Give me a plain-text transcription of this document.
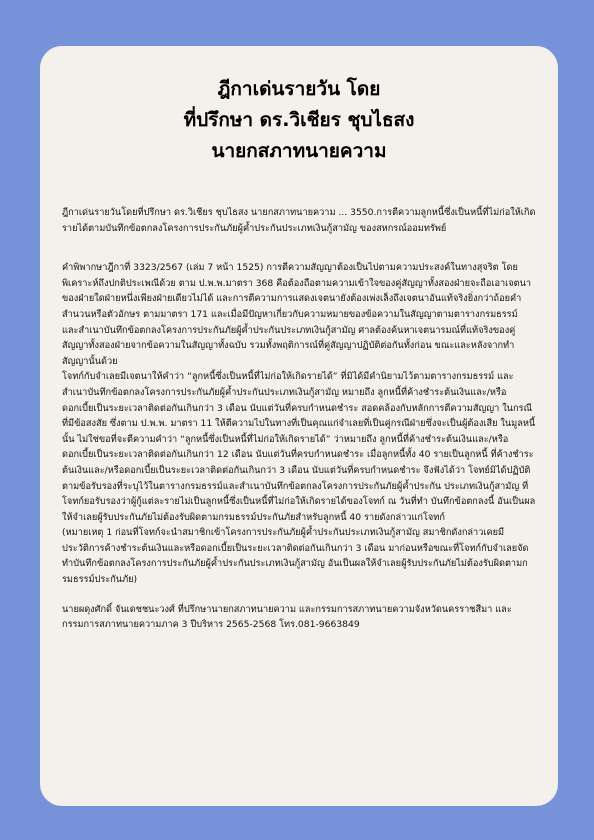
ฎีกาเด่นรายวัน โดย
ที่ปรึกษา ดร.วิเชียร ชุบไธสง
นายกสภาทนายความ

ฎีกาเด่นรายวันโดยที่ปรึกษา ดร.วิเชียร ชุบไธสง นายกสภาทนายความ ... 3550.การตีความลูกหนี้ซึ่งเป็นหนี้ที่ไม่ก่อให้เกิดรายได้ตามบันทึกข้อตกลงโครงการประกันภัยผู้ค้ำประกันประเภทเงินกู้สามัญ ของสหกรณ์ออมทรัพย์

คำพิพากษาฎีกาที่ 3323/2567 (เล่ม 7 หน้า 1525) การตีความสัญญาต้องเป็นไปตามความประสงค์ในทางสุจริต โดยพิเคราะห์ถึงปกติประเพณีด้วย ตาม ป.พ.พ.มาตรา 368 คือต้องถือตามความเข้าใจของคู่สัญญาทั้งสองฝ่ายจะถือเอาเจตนาของฝ่ายใดฝ่ายหนึ่งเพียงฝ่ายเดียวไม่ได้ และการตีความการแสดงเจตนายังต้องเพ่งเล็งถึงเจตนาอันแท้จริงยิ่งกว่าถ้อยคำสำนวนหรือตัวอักษร ตามมาตรา 171 และเมื่อมีปัญหาเกี่ยวกับความหมายของข้อความในสัญญาตามตารางกรมธรรม์ และสำเนาบันทึกข้อตกลงโครงการประกันภัยผู้ค้ำประกันประเภทเงินกู้สามัญ ศาลต้องค้นหาเจตนารมณ์ที่แท้จริงของคู่สัญญาทั้งสองฝ่ายจากข้อความในสัญญาทั้งฉบับ รวมทั้งพฤติการณ์ที่คู่สัญญาปฏิบัติต่อกันทั้งก่อน ขณะและหลังจากทำสัญญานั้นด้วย

โจทก์กับจำเลยมีเจตนาให้คำว่า “ลูกหนี้ซึ่งเป็นหนี้ที่ไม่ก่อให้เกิดรายได้” ที่มิได้มีคำนิยามไว้ตามตารางกรมธรรม์ และสำเนาบันทึกข้อตกลงโครงการประกันภัยผู้ค้ำประกันประเภทเงินกู้สามัญ หมายถึง ลูกหนี้ที่ค้างชำระต้นเงินและ/หรือดอกเบี้ยเป็นระยะเวลาติดต่อกันเกินกว่า 3 เดือน นับแต่วันที่ครบกำหนดชำระ สอดคล้องกับหลักการตีความสัญญา ในกรณีที่มีข้อสงสัย ซึ่งตาม ป.พ.พ. มาตรา 11 ให้ตีความไปในทางที่เป็นคุณแก่จำเลยที่เป็นคู่กรณีฝ่ายซึ่งจะเป็นผู้ต้องเสีย ในมูลหนี้นั้น ไม่ใช่ขอที่จะตีความคำว่า “ลูกหนี้ซึ่งเป็นหนี้ที่ไม่ก่อให้เกิดรายได้” ว่าหมายถึง ลูกหนี้ที่ค้างชำระต้นเงินและ/หรือดอกเบี้ยเป็นระยะเวลาติดต่อกันเกินกว่า 12 เดือน นับแต่วันที่ครบกำหนดชำระ เมื่อลูกหนี้ทั้ง 40 รายเป็นลูกหนี้ ที่ค้างชำระต้นเงินและ/หรือดอกเบี้ยเป็นระยะเวลาติดต่อกันเกินกว่า 3 เดือน นับแต่วันที่ครบกำหนดชำระ จึงฟังได้ว่า โจทย์มิได้ปฏิบัติตามข้อรับรองที่ระบุไว้ในตารางกรมธรรม์และสำเนาบันทึกข้อตกลงโครงการประกันภัยผู้ค้ำประกัน ประเภทเงินกู้สามัญ ที่โจทก์ยอรับรองว่าผู้กู้แต่ละรายไม่เป็นลูกหนี้ซึ่งเป็นหนี้ที่ไม่ก่อให้เกิดรายได้ของโจทก์ ณ วันที่ทำ บันทึกข้อตกลงนี้ อันเป็นผลให้จำเลยผู้รับประกันภัยไม่ต้องรับผิดตามกรมธรรม์ประกันภัยสำหรับลูกหนี้ 40 รายดังกล่าวแก่โจทก์

(หมายเหตุ 1 ก่อนที่โจทก์จะนำสมาชิกเข้าโครงการประกันภัยผู้ค้ำประกันประเภทเงินกู้สามัญ สมาชิกดังกล่าวเคยมีประวัติการค้างชำระต้นเงินและหรือดอกเบี้ยเป็นระยะเวลาติดต่อกันเกินกว่า 3 เดือน มาก่อนหรือขณะที่โจทก์กับจำเลยจัดทำบันทึกข้อตกลงโครงการประกันภัยผู้ค้ำประกันประเภทเงินกู้สามัญ อันเป็นผลให้จำเลยผู้รับประกันภัยไม่ต้องรับผิดตามกรมธรรม์ประกันภัย)

นายผดุงศักดิ์ จันเดชชนะวงศ์ ที่ปรึกษานายกสภาทนายความ และกรรมการสภาทนายความจังหวัดนครราชสีมา และกรรมการสภาทนายความภาค 3 ปีบริหาร 2565-2568 โทร.081-9663849
